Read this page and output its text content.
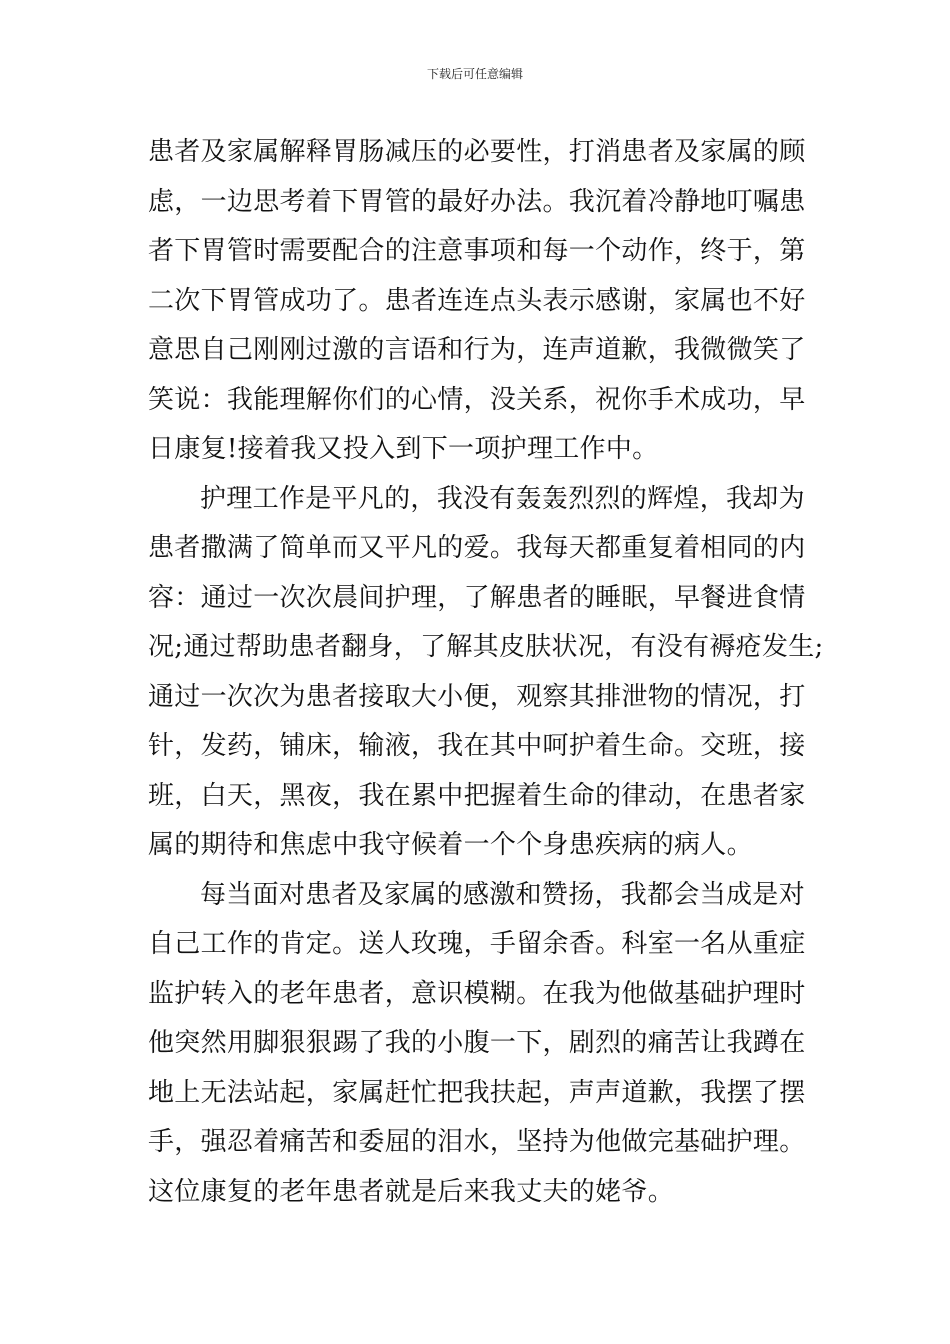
下载后可任意编辑
患者及家属解释胃肠减压的必要性，打消患者及家属的顾
虑，一边思考着下胃管的最好办法。我沉着冷静地叮嘱患
者下胃管时需要配合的注意事项和每一个动作，终于，第
二次下胃管成功了。患者连连点头表示感谢，家属也不好
意思自己刚刚过激的言语和行为，连声道歉，我微微笑了
笑说：我能理解你们的心情，没关系，祝你手术成功，早
日康复!接着我又投入到下一项护理工作中。
护理工作是平凡的，我没有轰轰烈烈的辉煌，我却为
患者撒满了简单而又平凡的爱。我每天都重复着相同的内
容：通过一次次晨间护理，了解患者的睡眠，早餐进食情
况;通过帮助患者翻身，了解其皮肤状况，有没有褥疮发生;
通过一次次为患者接取大小便，观察其排泄物的情况，打
针，发药，铺床，输液，我在其中呵护着生命。交班，接
班，白天，黑夜，我在累中把握着生命的律动，在患者家
属的期待和焦虑中我守候着一个个身患疾病的病人。
每当面对患者及家属的感激和赞扬，我都会当成是对
自己工作的肯定。送人玫瑰，手留余香。科室一名从重症
监护转入的老年患者，意识模糊。在我为他做基础护理时
他突然用脚狠狠踢了我的小腹一下，剧烈的痛苦让我蹲在
地上无法站起，家属赶忙把我扶起，声声道歉，我摆了摆
手，强忍着痛苦和委屈的泪水，坚持为他做完基础护理。
这位康复的老年患者就是后来我丈夫的姥爷。
